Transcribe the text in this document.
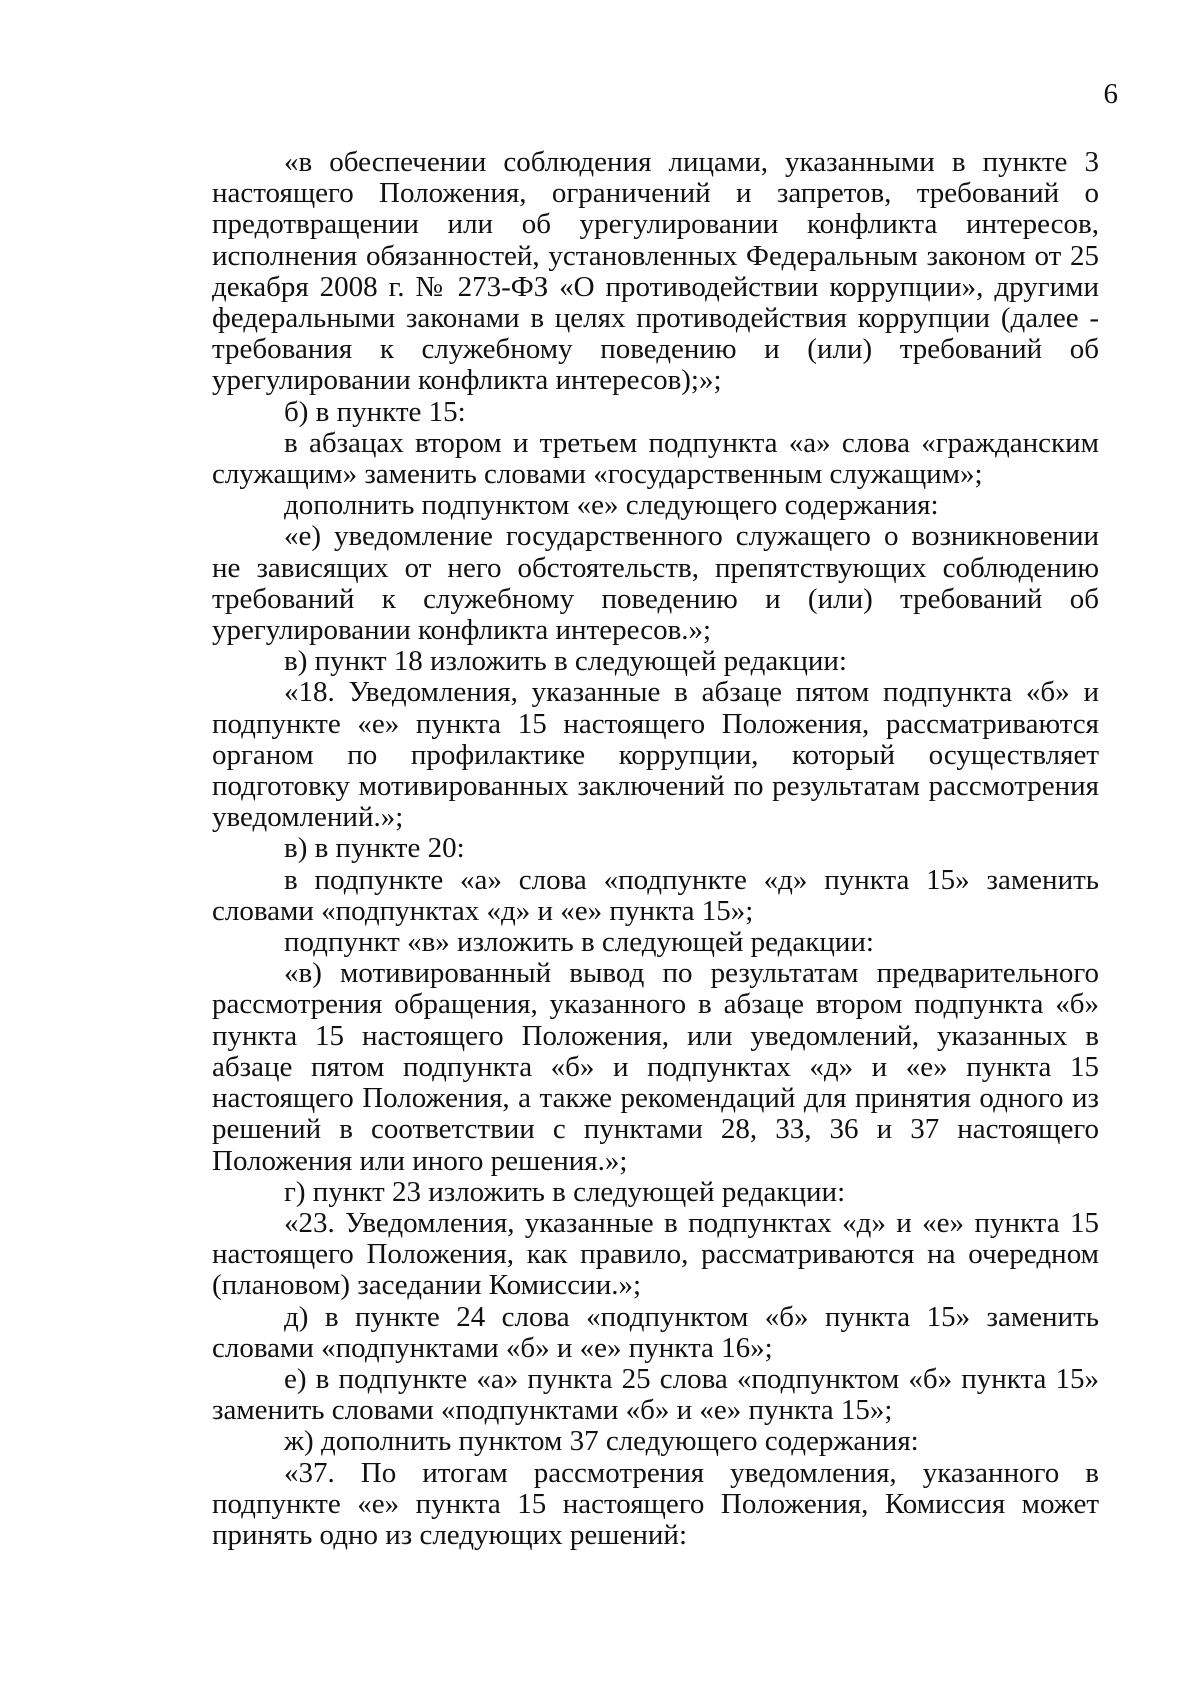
6

«в обеспечении соблюдения лицами, указанными в пункте 3 настоящего Положения, ограничений и запретов, требований о предотвращении или об урегулировании конфликта интересов, исполнения обязанностей, установленных Федеральным законом от 25 декабря 2008 г. № 273-ФЗ «О противодействии коррупции», другими федеральными законами в целях противодействия коррупции (далее - требования к служебному поведению и (или) требований об урегулировании конфликта интересов);»;

б) в пункте 15:

в абзацах втором и третьем подпункта «а» слова «гражданским служащим» заменить словами «государственным служащим»;

дополнить подпунктом «е» следующего содержания:

«е) уведомление государственного служащего о возникновении не зависящих от него обстоятельств, препятствующих соблюдению требований к служебному поведению и (или) требований об урегулировании конфликта интересов.»;

в) пункт 18 изложить в следующей редакции:

«18. Уведомления, указанные в абзаце пятом подпункта «б» и подпункте «е» пункта 15 настоящего Положения, рассматриваются органом по профилактике коррупции, который осуществляет подготовку мотивированных заключений по результатам рассмотрения уведомлений.»;

в) в пункте 20:

в подпункте «а» слова «подпункте «д» пункта 15» заменить словами «подпунктах «д» и «е» пункта 15»;

подпункт «в» изложить в следующей редакции:

«в) мотивированный вывод по результатам предварительного рассмотрения обращения, указанного в абзаце втором подпункта «б» пункта 15 настоящего Положения, или уведомлений, указанных в абзаце пятом подпункта «б» и подпунктах «д» и «е» пункта 15 настоящего Положения, а также рекомендаций для принятия одного из решений в соответствии с пунктами 28, 33, 36 и 37 настоящего Положения или иного решения.»;

г) пункт 23 изложить в следующей редакции:

«23. Уведомления, указанные в подпунктах «д» и «е» пункта 15 настоящего Положения, как правило, рассматриваются на очередном (плановом) заседании Комиссии.»;

д) в пункте 24 слова «подпунктом «б» пункта 15» заменить словами «подпунктами «б» и «е» пункта 16»;

е) в подпункте «а» пункта 25 слова «подпунктом «б» пункта 15» заменить словами «подпунктами «б» и «е» пункта 15»;

ж) дополнить пунктом 37 следующего содержания:

«37. По итогам рассмотрения уведомления, указанного в подпункте «е» пункта 15 настоящего Положения, Комиссия может принять одно из следующих решений:
